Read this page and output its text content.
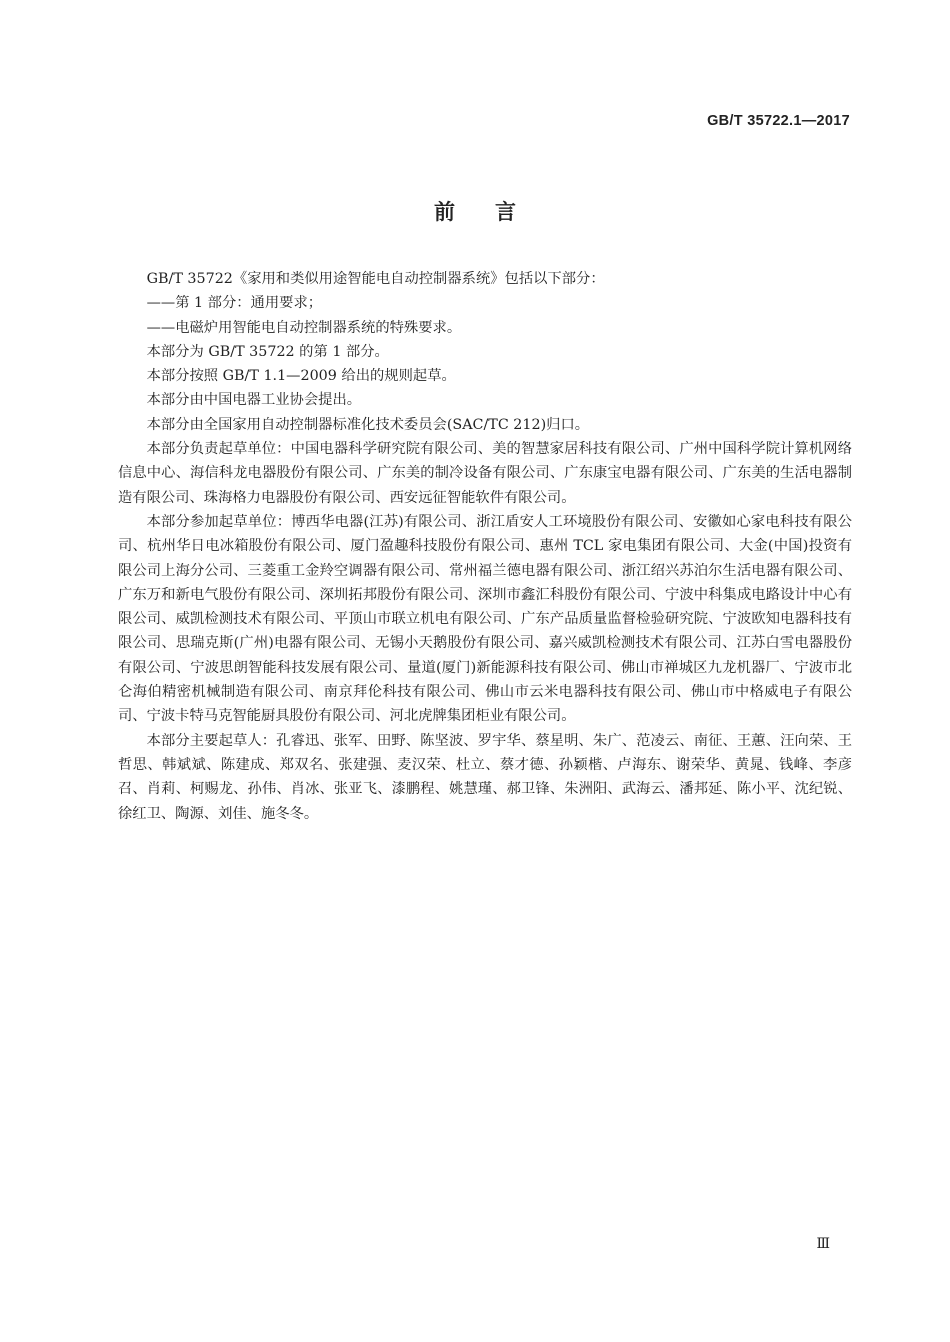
GB/T 35722.1—2017
前 言

GB/T 35722《家用和类似用途智能电自动控制器系统》包括以下部分：

——第 1 部分：通用要求；

——电磁炉用智能电自动控制器系统的特殊要求。

本部分为 GB/T 35722 的第 1 部分。

本部分按照 GB/T 1.1—2009 给出的规则起草。

本部分由中国电器工业协会提出。

本部分由全国家用自动控制器标准化技术委员会(SAC/TC 212)归口。

本部分负责起草单位：中国电器科学研究院有限公司、美的智慧家居科技有限公司、广州中国科学院计算机网络信息中心、海信科龙电器股份有限公司、广东美的制冷设备有限公司、广东康宝电器有限公司、广东美的生活电器制造有限公司、珠海格力电器股份有限公司、西安远征智能软件有限公司。

本部分参加起草单位：博西华电器(江苏)有限公司、浙江盾安人工环境股份有限公司、安徽如心家电科技有限公司、杭州华日电冰箱股份有限公司、厦门盈趣科技股份有限公司、惠州 TCL 家电集团有限公司、大金(中国)投资有限公司上海分公司、三菱重工金羚空调器有限公司、常州福兰德电器有限公司、浙江绍兴苏泊尔生活电器有限公司、广东万和新电气股份有限公司、深圳拓邦股份有限公司、深圳市鑫汇科股份有限公司、宁波中科集成电路设计中心有限公司、威凯检测技术有限公司、平顶山市联立机电有限公司、广东产品质量监督检验研究院、宁波欧知电器科技有限公司、思瑞克斯(广州)电器有限公司、无锡小天鹅股份有限公司、嘉兴威凯检测技术有限公司、江苏白雪电器股份有限公司、宁波思朗智能科技发展有限公司、量道(厦门)新能源科技有限公司、佛山市禅城区九龙机器厂、宁波市北仑海伯精密机械制造有限公司、南京拜伦科技有限公司、佛山市云米电器科技有限公司、佛山市中格威电子有限公司、宁波卡特马克智能厨具股份有限公司、河北虎牌集团柜业有限公司。

本部分主要起草人：孔睿迅、张军、田野、陈坚波、罗宇华、蔡星明、朱广、范凌云、南征、王蕙、汪向荣、王哲思、韩斌斌、陈建成、郑双名、张建强、麦汉荣、杜立、蔡才德、孙颖楷、卢海东、谢荣华、黄晁、钱峰、李彦召、肖莉、柯赐龙、孙伟、肖冰、张亚飞、漆鹏程、姚慧瑾、郝卫锋、朱洲阳、武海云、潘邦延、陈小平、沈纪锐、徐红卫、陶源、刘佳、施冬冬。

Ⅲ
